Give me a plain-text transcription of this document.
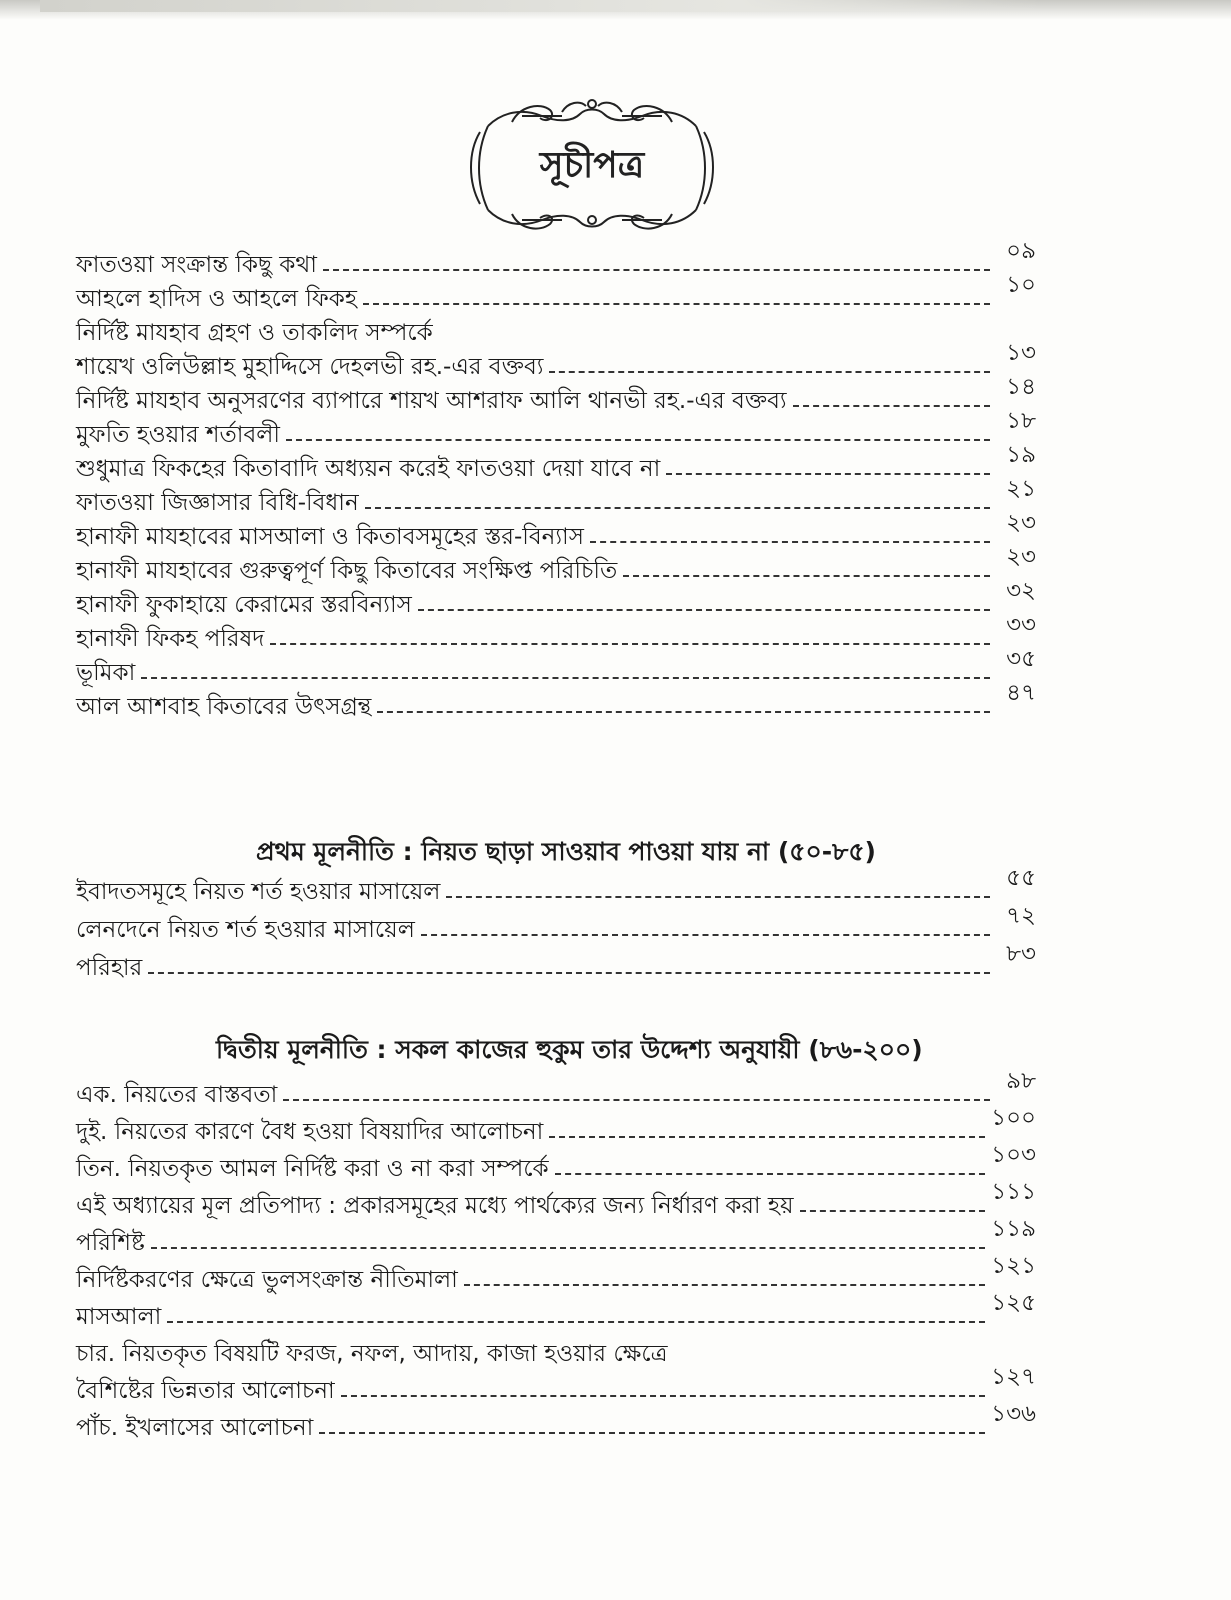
সূচীপত্র
ফাতওয়া সংক্রান্ত কিছু কথা
০৯
আহলে হাদিস ও আহলে ফিকহ
১০
নির্দিষ্ট মাযহাব গ্রহণ ও তাকলিদ সম্পর্কে
শায়েখ ওলিউল্লাহ মুহাদ্দিসে দেহলভী রহ.-এর বক্তব্য
১৩
নির্দিষ্ট মাযহাব অনুসরণের ব্যাপারে শায়খ আশরাফ আলি থানভী রহ.-এর বক্তব্য
১৪
মুফতি হওয়ার শর্তাবলী
১৮
শুধুমাত্র ফিকহের কিতাবাদি অধ্যয়ন করেই ফাতওয়া দেয়া যাবে না
১৯
ফাতওয়া জিজ্ঞাসার বিধি-বিধান
২১
হানাফী মাযহাবের মাসআলা ও কিতাবসমূহের স্তর-বিন্যাস
২৩
হানাফী মাযহাবের গুরুত্বপূর্ণ কিছু কিতাবের সংক্ষিপ্ত পরিচিতি
২৩
হানাফী ফুকাহায়ে কেরামের স্তরবিন্যাস
৩২
হানাফী ফিকহ পরিষদ
৩৩
ভূমিকা
৩৫
আল আশবাহ কিতাবের উৎসগ্রন্থ
৪৭
প্রথম মূলনীতি : নিয়ত ছাড়া সাওয়াব পাওয়া যায় না (৫০-৮৫)
ইবাদতসমূহে নিয়ত শর্ত হওয়ার মাসায়েল
৫৫
লেনদেনে নিয়ত শর্ত হওয়ার মাসায়েল
৭২
পরিহার
৮৩
দ্বিতীয় মূলনীতি : সকল কাজের হুকুম তার উদ্দেশ্য অনুযায়ী (৮৬-২০০)
এক. নিয়তের বাস্তবতা
৯৮
দুই. নিয়তের কারণে বৈধ হওয়া বিষয়াদির আলোচনা
১০০
তিন. নিয়তকৃত আমল নির্দিষ্ট করা ও না করা সম্পর্কে
১০৩
এই অধ্যায়ের মূল প্রতিপাদ্য : প্রকারসমূহের মধ্যে পার্থক্যের জন্য নির্ধারণ করা হয়
১১১
পরিশিষ্ট
১১৯
নির্দিষ্টকরণের ক্ষেত্রে ভুলসংক্রান্ত নীতিমালা
১২১
মাসআলা
১২৫
চার. নিয়তকৃত বিষয়টি ফরজ, নফল, আদায়, কাজা হওয়ার ক্ষেত্রে
বৈশিষ্টের ভিন্নতার আলোচনা
১২৭
পাঁচ. ইখলাসের আলোচনা
১৩৬
